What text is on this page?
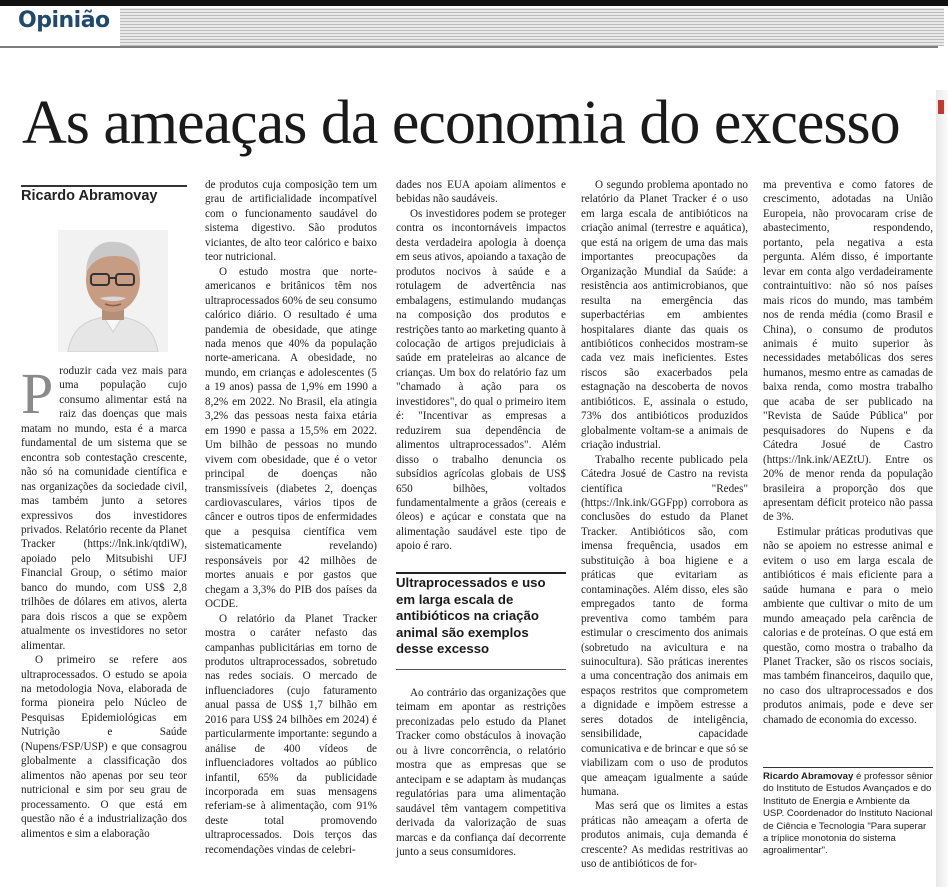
Opinião
As ameaças da economia do excesso
Ricardo Abramovay

Produzir cada vez mais para uma população cujo consumo alimentar está na raiz das doenças que mais matam no mundo, esta é a marca fundamental de um sistema que se encontra sob contestação crescente, não só na comunidade científica e nas organizações da sociedade civil, mas também junto a setores expressivos dos investidores privados. Relatório recente da Planet Tracker (https://lnk.ink/qtdiW), apoiado pelo Mitsubishi UFJ Financial Group, o sétimo maior banco do mundo, com US$ 2,8 trilhões de dólares em ativos, alerta para dois riscos a que se expõem atualmente os investidores no setor alimentar.

O primeiro se refere aos ultraprocessados. O estudo se apoia na metodologia Nova, elaborada de forma pioneira pelo Núcleo de Pesquisas Epidemiológicas em Nutrição e Saúde (Nupens/FSP/USP) e que consagrou globalmente a classificação dos alimentos não apenas por seu teor nutricional e sim por seu grau de processamento. O que está em questão não é a industrialização dos alimentos e sim a elaboração

de produtos cuja composição tem um grau de artificialidade incompatível com o funcionamento saudável do sistema digestivo. São produtos viciantes, de alto teor calórico e baixo teor nutricional.

O estudo mostra que norte-americanos e britânicos têm nos ultraprocessados 60% de seu consumo calórico diário. O resultado é uma pandemia de obesidade, que atinge nada menos que 40% da população norte-americana. A obesidade, no mundo, em crianças e adolescentes (5 a 19 anos) passa de 1,9% em 1990 a 8,2% em 2022. No Brasil, ela atingia 3,2% das pessoas nesta faixa etária em 1990 e passa a 15,5% em 2022. Um bilhão de pessoas no mundo vivem com obesidade, que é o vetor principal de doenças não transmissíveis (diabetes 2, doenças cardiovasculares, vários tipos de câncer e outros tipos de enfermidades que a pesquisa científica vem sistematicamente revelando) responsáveis por 42 milhões de mortes anuais e por gastos que chegam a 3,3% do PIB dos países da OCDE.

O relatório da Planet Tracker mostra o caráter nefasto das campanhas publicitárias em torno de produtos ultraprocessados, sobretudo nas redes sociais. O mercado de influenciadores (cujo faturamento anual passa de US$ 1,7 bilhão em 2016 para US$ 24 bilhões em 2024) é particularmente importante: segundo a análise de 400 vídeos de influenciadores voltados ao público infantil, 65% da publicidade incorporada em suas mensagens referiam-se à alimentação, com 91% deste total promovendo ultraprocessados. Dois terços das recomendações vindas de celebri-

dades nos EUA apoiam alimentos e bebidas não saudáveis.

Os investidores podem se proteger contra os incontornáveis impactos desta verdadeira apologia à doença em seus ativos, apoiando a taxação de produtos nocivos à saúde e a rotulagem de advertência nas embalagens, estimulando mudanças na composição dos produtos e restrições tanto ao marketing quanto à colocação de artigos prejudiciais à saúde em prateleiras ao alcance de crianças. Um box do relatório faz um "chamado à ação para os investidores", do qual o primeiro item é: "Incentivar as empresas a reduzirem sua dependência de alimentos ultraprocessados". Além disso o trabalho denuncia os subsídios agrícolas globais de US$ 650 bilhões, voltados fundamentalmente a grãos (cereais e óleos) e açúcar e constata que na alimentação saudável este tipo de apoio é raro.

Ultraprocessados e uso em larga escala de antibióticos na criação animal são exemplos desse excesso

Ao contrário das organizações que teimam em apontar as restrições preconizadas pelo estudo da Planet Tracker como obstáculos à inovação ou à livre concorrência, o relatório mostra que as empresas que se antecipam e se adaptam às mudanças regulatórias para uma alimentação saudável têm vantagem competitiva derivada da valorização de suas marcas e da confiança daí decorrente junto a seus consumidores.

O segundo problema apontado no relatório da Planet Tracker é o uso em larga escala de antibióticos na criação animal (terrestre e aquática), que está na origem de uma das mais importantes preocupações da Organização Mundial da Saúde: a resistência aos antimicrobianos, que resulta na emergência das superbactérias em ambientes hospitalares diante das quais os antibióticos conhecidos mostram-se cada vez mais ineficientes. Estes riscos são exacerbados pela estagnação na descoberta de novos antibióticos. E, assinala o estudo, 73% dos antibióticos produzidos globalmente voltam-se a animais de criação industrial.

Trabalho recente publicado pela Cátedra Josué de Castro na revista científica "Redes" (https://lnk.ink/GGFpp) corrobora as conclusões do estudo da Planet Tracker. Antibióticos são, com imensa frequência, usados em substituição à boa higiene e a práticas que evitariam as contaminações. Além disso, eles são empregados tanto de forma preventiva como também para estimular o crescimento dos animais (sobretudo na avicultura e na suinocultura). São práticas inerentes a uma concentração dos animais em espaços restritos que comprometem a dignidade e impõem estresse a seres dotados de inteligência, sensibilidade, capacidade comunicativa e de brincar e que só se viabilizam com o uso de produtos que ameaçam igualmente a saúde humana.

Mas será que os limites a estas práticas não ameaçam a oferta de produtos animais, cuja demanda é crescente? As medidas restritivas ao uso de antibióticos de for-

ma preventiva e como fatores de crescimento, adotadas na União Europeia, não provocaram crise de abastecimento, respondendo, portanto, pela negativa a esta pergunta. Além disso, é importante levar em conta algo verdadeiramente contraintuitivo: não só nos países mais ricos do mundo, mas também nos de renda média (como Brasil e China), o consumo de produtos animais é muito superior às necessidades metabólicas dos seres humanos, mesmo entre as camadas de baixa renda, como mostra trabalho que acaba de ser publicado na "Revista de Saúde Pública" por pesquisadores do Nupens e da Cátedra Josué de Castro (https://lnk.ink/AEZtU). Entre os 20% de menor renda da população brasileira a proporção dos que apresentam déficit proteico não passa de 3%.

Estimular práticas produtivas que não se apoiem no estresse animal e evitem o uso em larga escala de antibióticos é mais eficiente para a saúde humana e para o meio ambiente que cultivar o mito de um mundo ameaçado pela carência de calorias e de proteínas. O que está em questão, como mostra o trabalho da Planet Tracker, são os riscos sociais, mas também financeiros, daquilo que, no caso dos ultraprocessados e dos produtos animais, pode e deve ser chamado de economia do excesso.

Ricardo Abramovay é professor sênior do Instituto de Estudos Avançados e do Instituto de Energia e Ambiente da USP. Coordenador do Instituto Nacional de Ciência e Tecnologia "Para superar a tríplice monotonia do sistema agroalimentar".
